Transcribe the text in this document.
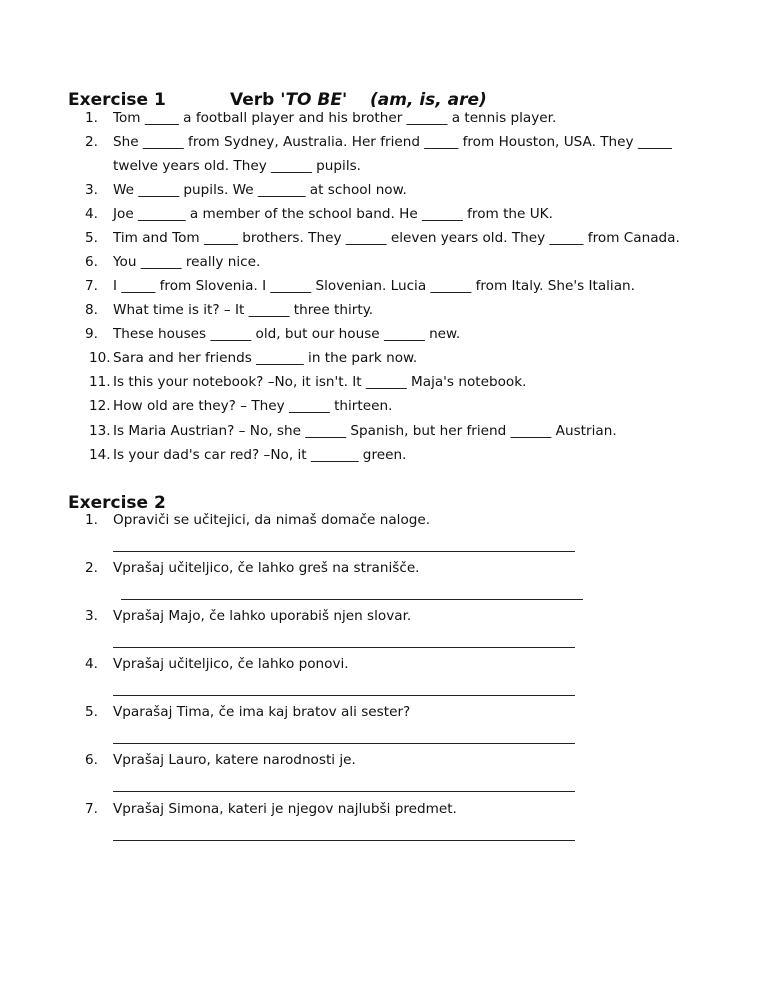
Exercise 1	Verb 'TO BE' (am, is, are)
1. Tom _____ a football player and his brother ______ a tennis player.
2. She ______ from Sydney, Australia. Her friend _____ from Houston, USA. They _____
twelve years old. They ______ pupils.
3. We ______ pupils. We _______ at school now.
4. Joe _______ a member of the school band. He ______ from the UK.
5. Tim and Tom _____ brothers. They ______ eleven years old. They _____ from Canada.
6. You ______ really nice.
7. I _____ from Slovenia. I ______ Slovenian. Lucia ______ from Italy. She's Italian.
8. What time is it? – It ______ three thirty.
9. These houses ______ old, but our house ______ new.
10. Sara and her friends _______ in the park now.
11. Is this your notebook? –No, it isn't. It ______ Maja's notebook.
12. How old are they? – They ______ thirteen.
13. Is Maria Austrian? – No, she ______ Spanish, but her friend ______ Austrian.
14. Is your dad's car red? –No, it _______ green.
Exercise 2
1. Opraviči se učitejici, da nimaš domače naloge.
2. Vprašaj učiteljico, če lahko greš na stranišče.
3. Vprašaj Majo, če lahko uporabiš njen slovar.
4. Vprašaj učiteljico, če lahko ponovi.
5. Vparašaj Tima, če ima kaj bratov ali sester?
6. Vprašaj Lauro, katere narodnosti je.
7. Vprašaj Simona, kateri je njegov najlubši predmet.
